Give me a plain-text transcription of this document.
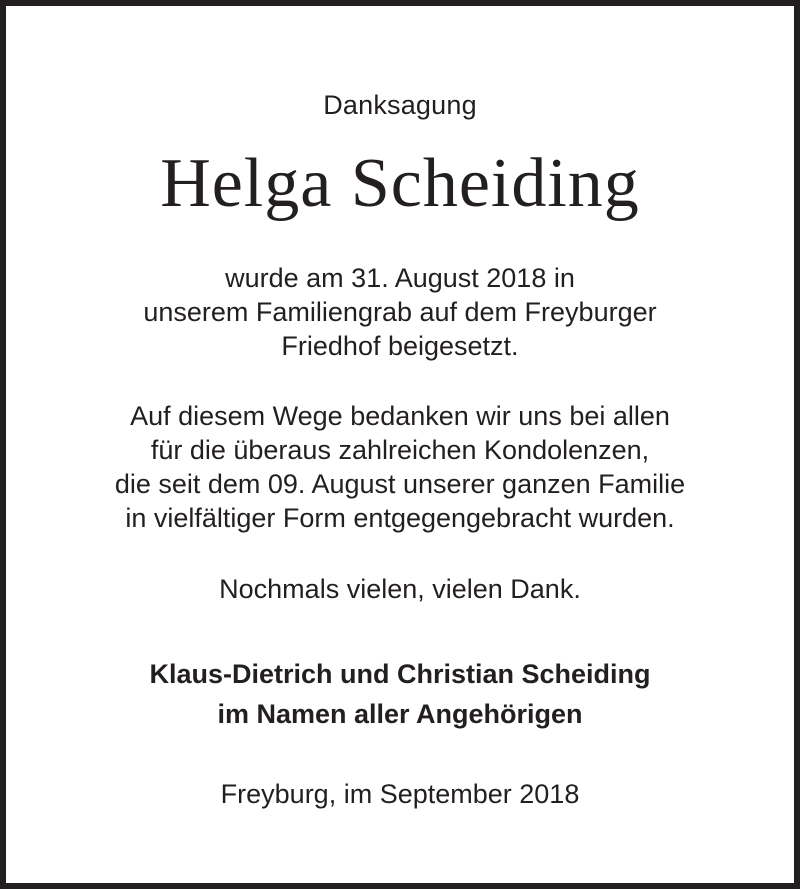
Danksagung
Helga Scheiding
wurde am 31. August 2018 in
unserem Familiengrab auf dem Freyburger
Friedhof beigesetzt.
Auf diesem Wege bedanken wir uns bei allen
für die überaus zahlreichen Kondolenzen,
die seit dem 09. August unserer ganzen Familie
in vielfältiger Form entgegengebracht wurden.
Nochmals vielen, vielen Dank.
Klaus-Dietrich und Christian Scheiding
im Namen aller Angehörigen
Freyburg, im September 2018
